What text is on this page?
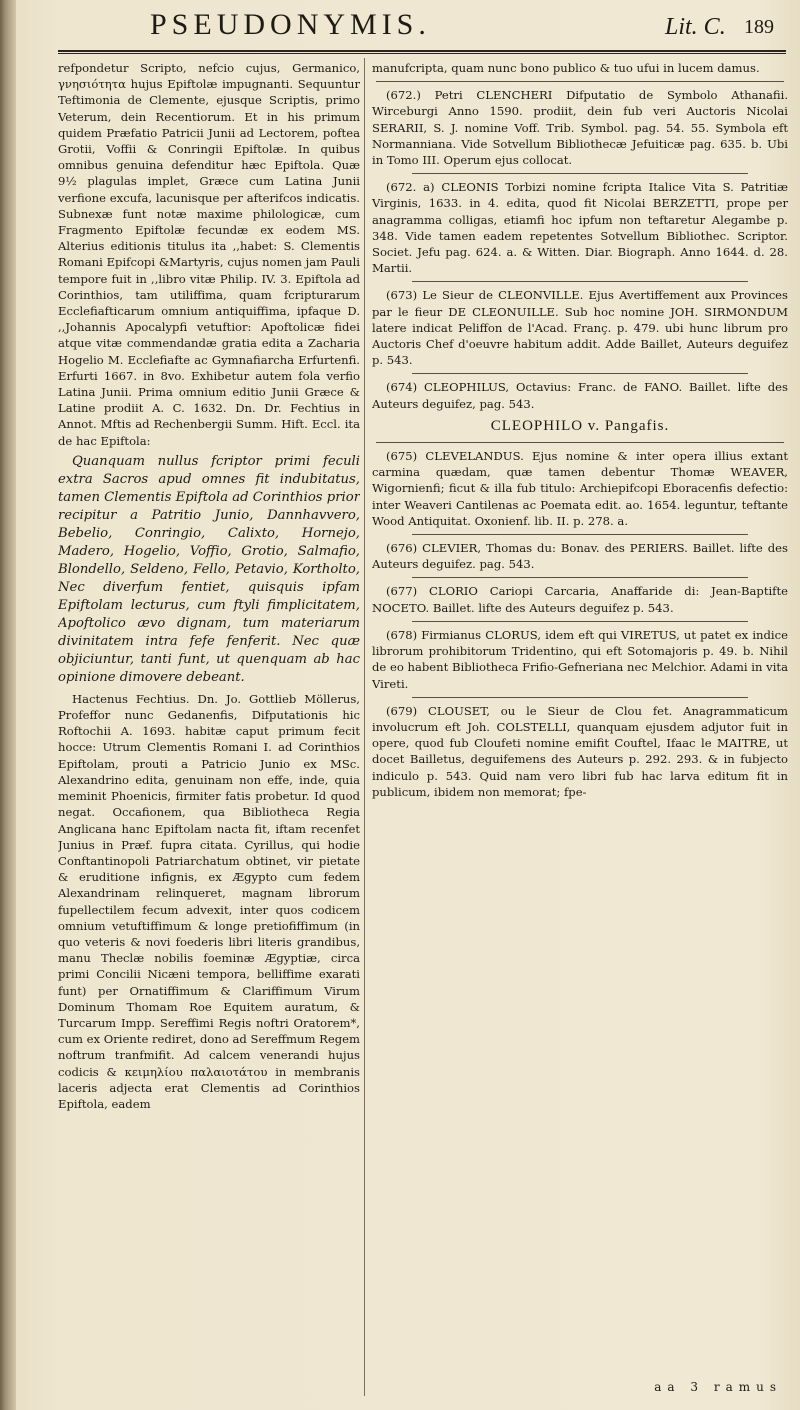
PSEUDONYMIS.	Lit. C. 189

refpondetur Scripto, nefcio cujus, Germanico, γνησιότητα hujus Epiftolæ impugnanti. Sequuntur Teftimonia de Clemente, ejusque Scriptis, primo Veterum, dein Recentiorum. Et in his primum quidem Præfatio Patricii Junii ad Lectorem, poftea Grotii, Voffii & Conringii Epiftolæ. In quibus omnibus genuina defenditur hæc Epiftola. Quæ 9½ plagulas implet, Græce cum Latina Junii verfione excufa, lacunisque per afterifcos indicatis. Subnexæ funt notæ maxime philologicæ, cum Fragmento Epiftolæ fecundæ ex eodem MS. Alterius editionis titulus ita ,,habet: S. Clementis Romani Epifcopi &Martyris, cujus nomen jam Pauli tempore fuit in ,,libro vitæ Philip. IV. 3. Epiftola ad Corinthios, tam utiliffima, quam fcripturarum Ecclefiafticarum omnium antiquiffima, ipfaque D. ,,Johannis Apocalypfi vetuftior: Apoftolicæ fidei atque vitæ commendandæ gratia edita a Zacharia Hogelio M. Ecclefiafte ac Gymnafiarcha Erfurtenfi. Erfurti 1667. in 8vo. Exhibetur autem fola verfio Latina Junii. Prima omnium editio Junii Græce & Latine prodiit A. C. 1632. Dn. Dr. Fechtius in Annot. Mftis ad Rechenbergii Summ. Hift. Eccl. ita de hac Epiftola:

Quanquam nullus fcriptor primi feculi extra Sacros apud omnes fit indubitatus, tamen Clementis Epiftola ad Corinthios prior recipitur a Patritio Junio, Dannhavvero, Bebelio, Conringio, Calixto, Hornejo, Madero, Hogelio, Voffio, Grotio, Salmafio, Blondello, Seldeno, Fello, Petavio, Kortholto, Nec diverfum fentiet, quisquis ipfam Epiftolam lecturus, cum ftyli fimplicitatem, Apoftolico ævo dignam, tum materiarum divinitatem intra fefe fenferit. Nec quæ objiciuntur, tanti funt, ut quenquam ab hac opinione dimovere debeant.

Hactenus Fechtius. Dn. Jo. Gottlieb Möllerus, Profeffor nunc Gedanenfis, Difputationis hic Roftochii A. 1693. habitæ caput primum fecit hocce: Utrum Clementis Romani I. ad Corinthios Epiftolam, prouti a Patricio Junio ex MSc. Alexandrino edita, genuinam non effe, inde, quia meminit Phoenicis, firmiter fatis probetur. Id quod negat. Occafionem, qua Bibliotheca Regia Anglicana hanc Epiftolam nacta fit, iftam recenfet Junius in Præf. fupra citata. Cyrillus, qui hodie Conftantinopoli Patriarchatum obtinet, vir pietate & eruditione infignis, ex Ægypto cum fedem Alexandrinam relinqueret, magnam librorum fupellectilem fecum advexit, inter quos codicem omnium vetuftiffimum & longe pretiofiffimum (in quo veteris & novi foederis libri literis grandibus, manu Theclæ nobilis foeminæ Ægyptiæ, circa primi Concilii Nicæni tempora, belliffime exarati funt) per Ornatiffimum & Clariffimum Virum Dominum Thomam Roe Equitem auratum, & Turcarum Impp. Sereffimi Regis noftri Oratorem*, cum ex Oriente rediret, dono ad Sereffmum Regem noftrum tranfmifit. Ad calcem venerandi hujus codicis & κειμηλίου παλαιοτάτου in membranis laceris adjecta erat Clementis ad Corinthios Epiftola, eadem

manufcripta, quam nunc bono publico & tuo ufui in lucem damus.

(672.) Petri CLENCHERI Difputatio de Symbolo Athanafii. Wirceburgi Anno 1590. prodiit, dein fub veri Auctoris Nicolai SERARII, S. J. nomine Voff. Trib. Symbol. pag. 54. 55. Symbola eft Normanniana. Vide Sotvellum Bibliothecæ Jefuiticæ pag. 635. b. Ubi in Tomo III. Operum ejus collocat.

(672. a) CLEONIS Torbizi nomine fcripta Italice Vita S. Patritiæ Virginis, 1633. in 4. edita, quod fit Nicolai BERZETTI, prope per anagramma colligas, etiamfi hoc ipfum non teftaretur Alegambe p. 348. Vide tamen eadem repetentes Sotvellum Bibliothec. Scriptor. Societ. Jefu pag. 624. a. & Witten. Diar. Biograph. Anno 1644. d. 28. Martii.

(673) Le Sieur de CLEONVILLE. Ejus Avertiffement aux Provinces par le fieur DE CLEONUILLE. Sub hoc nomine JOH. SIRMONDUM latere indicat Peliffon de l'Acad. Franç. p. 479. ubi hunc librum pro Auctoris Chef d'oeuvre habitum addit. Adde Baillet, Auteurs deguifez p. 543.

(674) CLEOPHILUS, Octavius: Franc. de FANO. Baillet. lifte des Auteurs deguifez, pag. 543.

CLEOPHILO v. Pangafis.

(675) CLEVELANDUS. Ejus nomine & inter opera illius extant carmina quædam, quæ tamen debentur Thomæ WEAVER, Wigornienfi; ficut & illa fub titulo: Archiepifcopi Eboracenfis defectio: inter Weaveri Cantilenas ac Poemata edit. ao. 1654. leguntur, teftante Wood Antiquitat. Oxonienf. lib. II. p. 278. a.

(676) CLEVIER, Thomas du: Bonav. des PERIERS. Baillet. lifte des Auteurs deguifez. pag. 543.

(677) CLORIO Cariopi Carcaria, Anaffaride di: Jean-Baptifte NOCETO. Baillet. lifte des Auteurs deguifez p. 543.

(678) Firmianus CLORUS, idem eft qui VIRETUS, ut patet ex indice librorum prohibitorum Tridentino, qui eft Sotomajoris p. 49. b. Nihil de eo habent Bibliotheca Frifio-Gefneriana nec Melchior. Adami in vita Vireti.

(679) CLOUSET, ou le Sieur de Clou fet. Anagrammaticum involucrum eft Joh. COLSTELLI, quanquam ejusdem adjutor fuit in opere, quod fub Cloufeti nomine emifit Couftel, Ifaac le MAITRE, ut docet Bailletus, deguifemens des Auteurs p. 292. 293. & in fubjecto indiculo p. 543. Quid nam vero libri fub hac larva editum fit in publicum, ibidem non memorat; fpe-

aa 3 ramus
